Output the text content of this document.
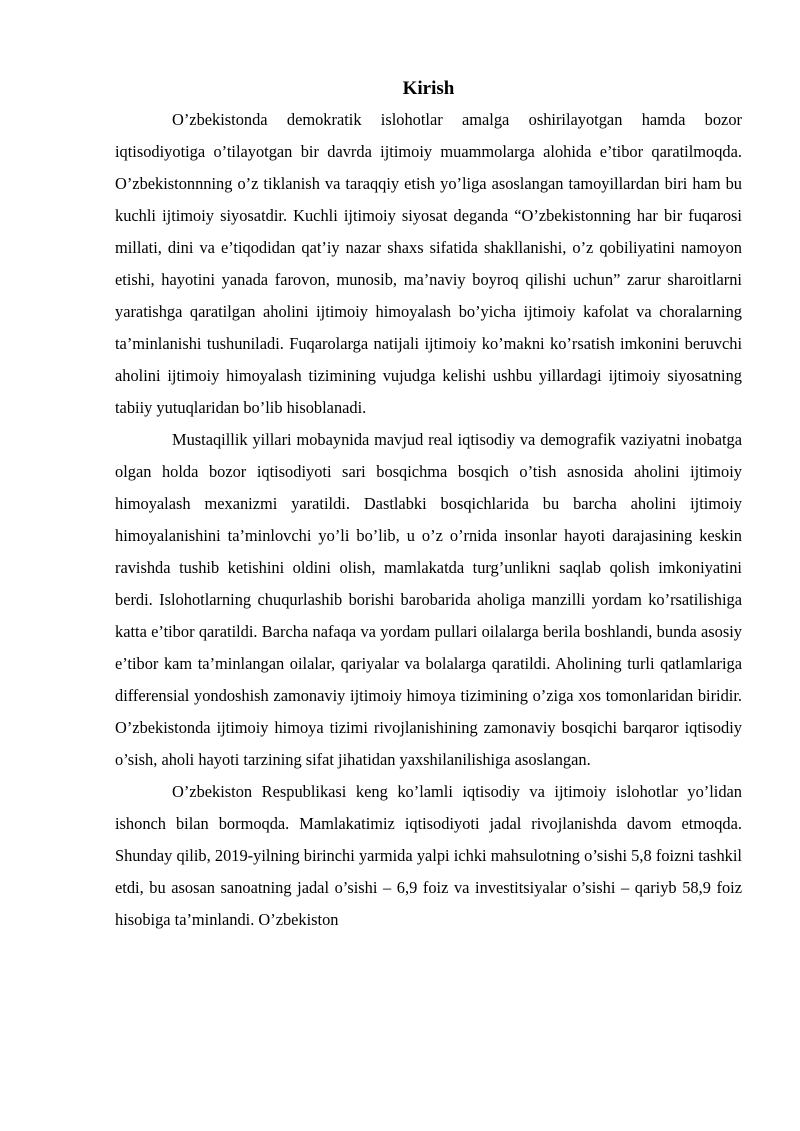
Kirish

O’zbekistonda demokratik islohotlar amalga oshirilayotgan hamda bozor iqtisodiyotiga o’tilayotgan bir davrda ijtimoiy muammolarga alohida e’tibor qaratilmoqda. O’zbekistonnning o’z tiklanish va taraqqiy etish yo’liga asoslangan tamoyillardan biri ham bu kuchli ijtimoiy siyosatdir. Kuchli ijtimoiy siyosat deganda “O’zbekistonning har bir fuqarosi millati, dini va e’tiqodidan qat’iy nazar shaxs sifatida shakllanishi, o’z qobiliyatini namoyon etishi, hayotini yanada farovon, munosib, ma’naviy boyroq qilishi uchun” zarur sharoitlarni yaratishga qaratilgan aholini ijtimoiy himoyalash bo’yicha ijtimoiy kafolat va choralarning ta’minlanishi tushuniladi. Fuqarolarga natijali ijtimoiy ko’makni ko’rsatish imkonini beruvchi aholini ijtimoiy himoyalash tizimining vujudga kelishi ushbu yillardagi ijtimoiy siyosatning tabiiy yutuqlaridan bo’lib hisoblanadi.

Mustaqillik yillari mobaynida mavjud real iqtisodiy va demografik vaziyatni inobatga olgan holda bozor iqtisodiyoti sari bosqichma bosqich o’tish asnosida aholini ijtimoiy himoyalash mexanizmi yaratildi. Dastlabki bosqichlarida bu barcha aholini ijtimoiy himoyalanishini ta’minlovchi yo’li bo’lib, u o’z o’rnida insonlar hayoti darajasining keskin ravishda tushib ketishini oldini olish, mamlakatda turg’unlikni saqlab qolish imkoniyatini berdi. Islohotlarning chuqurlashib borishi barobarida aholiga manzilli yordam ko’rsatilishiga katta e’tibor qaratildi. Barcha nafaqa va yordam pullari oilalarga berila boshlandi, bunda asosiy e’tibor kam ta’minlangan oilalar, qariyalar va bolalarga qaratildi. Aholining turli qatlamlariga differensial yondoshish zamonaviy ijtimoiy himoya tizimining o’ziga xos tomonlaridan biridir. O’zbekistonda ijtimoiy himoya tizimi rivojlanishining zamonaviy bosqichi barqaror iqtisodiy o’sish, aholi hayoti tarzining sifat jihatidan yaxshilanilishiga asoslangan.

O’zbekiston Respublikasi keng ko’lamli iqtisodiy va ijtimoiy islohotlar yo’lidan ishonch bilan bormoqda. Mamlakatimiz iqtisodiyoti jadal rivojlanishda davom etmoqda. Shunday qilib, 2019-yilning birinchi yarmida yalpi ichki mahsulotning o’sishi 5,8 foizni tashkil etdi, bu asosan sanoatning jadal o’sishi – 6,9 foiz va investitsiyalar o’sishi – qariyb 58,9 foiz hisobiga ta’minlandi. O’zbekiston
